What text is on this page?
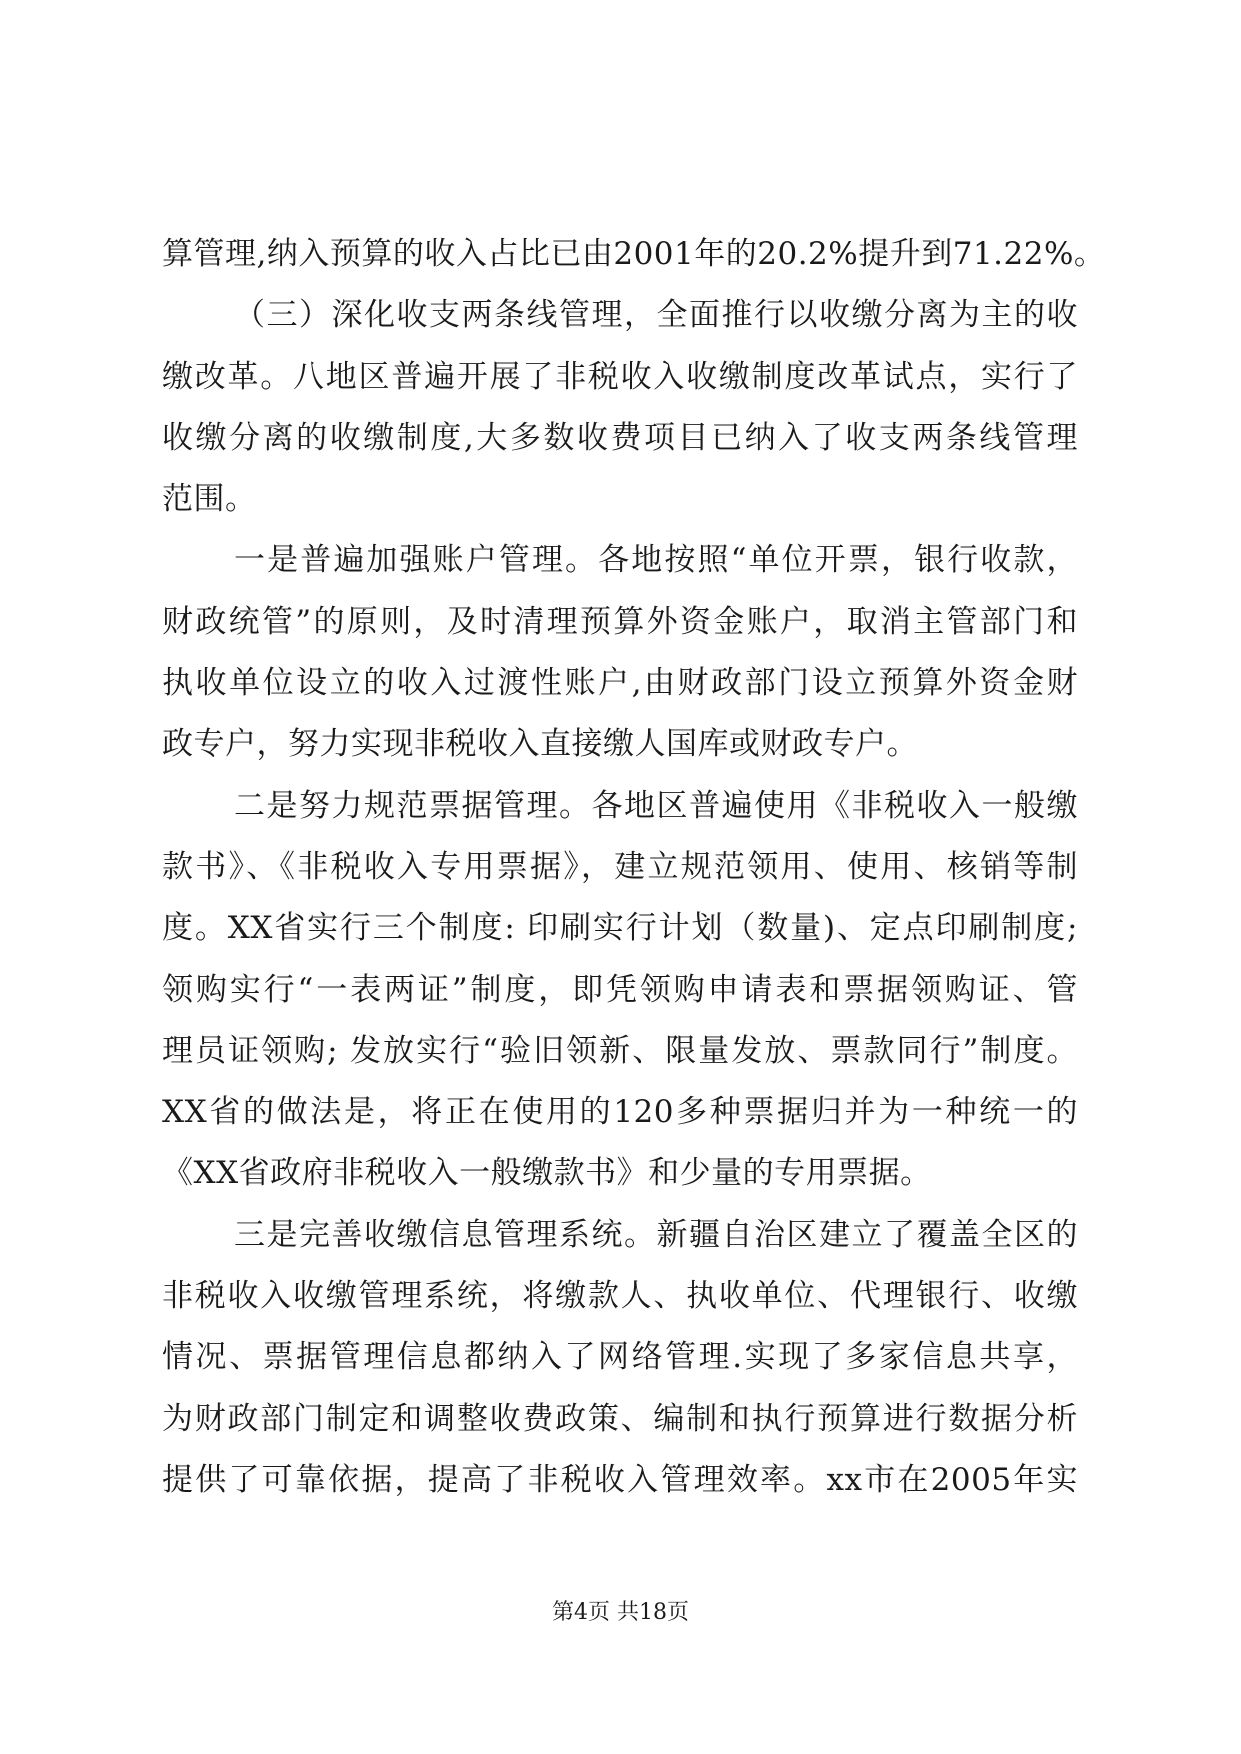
算管理,纳入预算的收入占比已由2001年的20.2%提升到71.22%。
（三）深化收支两条线管理，全面推行以收缴分离为主的收
缴改革。八地区普遍开展了非税收入收缴制度改革试点，实行了
收缴分离的收缴制度,大多数收费项目已纳入了收支两条线管理
范围。
一是普遍加强账户管理。各地按照“单位开票，银行收款，
财政统管”的原则，及时清理预算外资金账户，取消主管部门和
执收单位设立的收入过渡性账户,由财政部门设立预算外资金财
政专户，努力实现非税收入直接缴人国库或财政专户。
二是努力规范票据管理。各地区普遍使用《非税收入一般缴
款书》、《非税收入专用票据》，建立规范领用、使用、核销等制
度。XX省实行三个制度: 印刷实行计划（数量)、定点印刷制度;
领购实行“一表两证”制度，即凭领购申请表和票据领购证、管
理员证领购; 发放实行“验旧领新、限量发放、票款同行”制度。
XX省的做法是，将正在使用的120多种票据归并为一种统一的
《XX省政府非税收入一般缴款书》和少量的专用票据。
三是完善收缴信息管理系统。新疆自治区建立了覆盖全区的
非税收入收缴管理系统，将缴款人、执收单位、代理银行、收缴
情况、票据管理信息都纳入了网络管理.实现了多家信息共享，
为财政部门制定和调整收费政策、编制和执行预算进行数据分析
提供了可靠依据，提高了非税收入管理效率。xx市在2005年实
第4页 共18页
